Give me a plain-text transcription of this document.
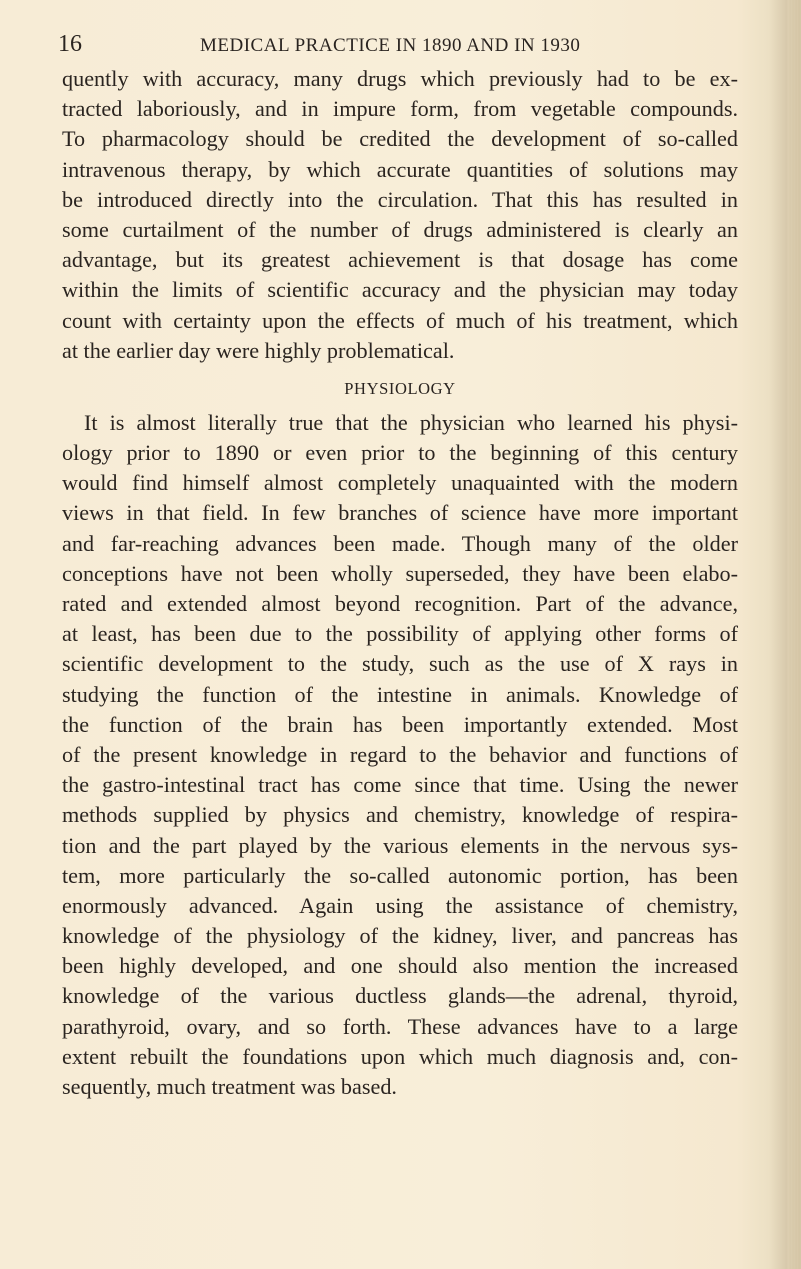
16	MEDICAL PRACTICE IN 1890 AND IN 1930

quently with accuracy, many drugs which previously had to be ex-
tracted laboriously, and in impure form, from vegetable compounds.
To pharmacology should be credited the development of so-called
intravenous therapy, by which accurate quantities of solutions may
be introduced directly into the circulation. That this has resulted in
some curtailment of the number of drugs administered is clearly an
advantage, but its greatest achievement is that dosage has come
within the limits of scientific accuracy and the physician may today
count with certainty upon the effects of much of his treatment, which
at the earlier day were highly problematical.

PHYSIOLOGY

It is almost literally true that the physician who learned his physi-
ology prior to 1890 or even prior to the beginning of this century
would find himself almost completely unaquainted with the modern
views in that field. In few branches of science have more important
and far-reaching advances been made. Though many of the older
conceptions have not been wholly superseded, they have been elabo-
rated and extended almost beyond recognition. Part of the advance,
at least, has been due to the possibility of applying other forms of
scientific development to the study, such as the use of X rays in
studying the function of the intestine in animals. Knowledge of
the function of the brain has been importantly extended. Most
of the present knowledge in regard to the behavior and functions of
the gastro-intestinal tract has come since that time. Using the newer
methods supplied by physics and chemistry, knowledge of respira-
tion and the part played by the various elements in the nervous sys-
tem, more particularly the so-called autonomic portion, has been
enormously advanced. Again using the assistance of chemistry,
knowledge of the physiology of the kidney, liver, and pancreas has
been highly developed, and one should also mention the increased
knowledge of the various ductless glands—the adrenal, thyroid,
parathyroid, ovary, and so forth. These advances have to a large
extent rebuilt the foundations upon which much diagnosis and, con-
sequently, much treatment was based.
